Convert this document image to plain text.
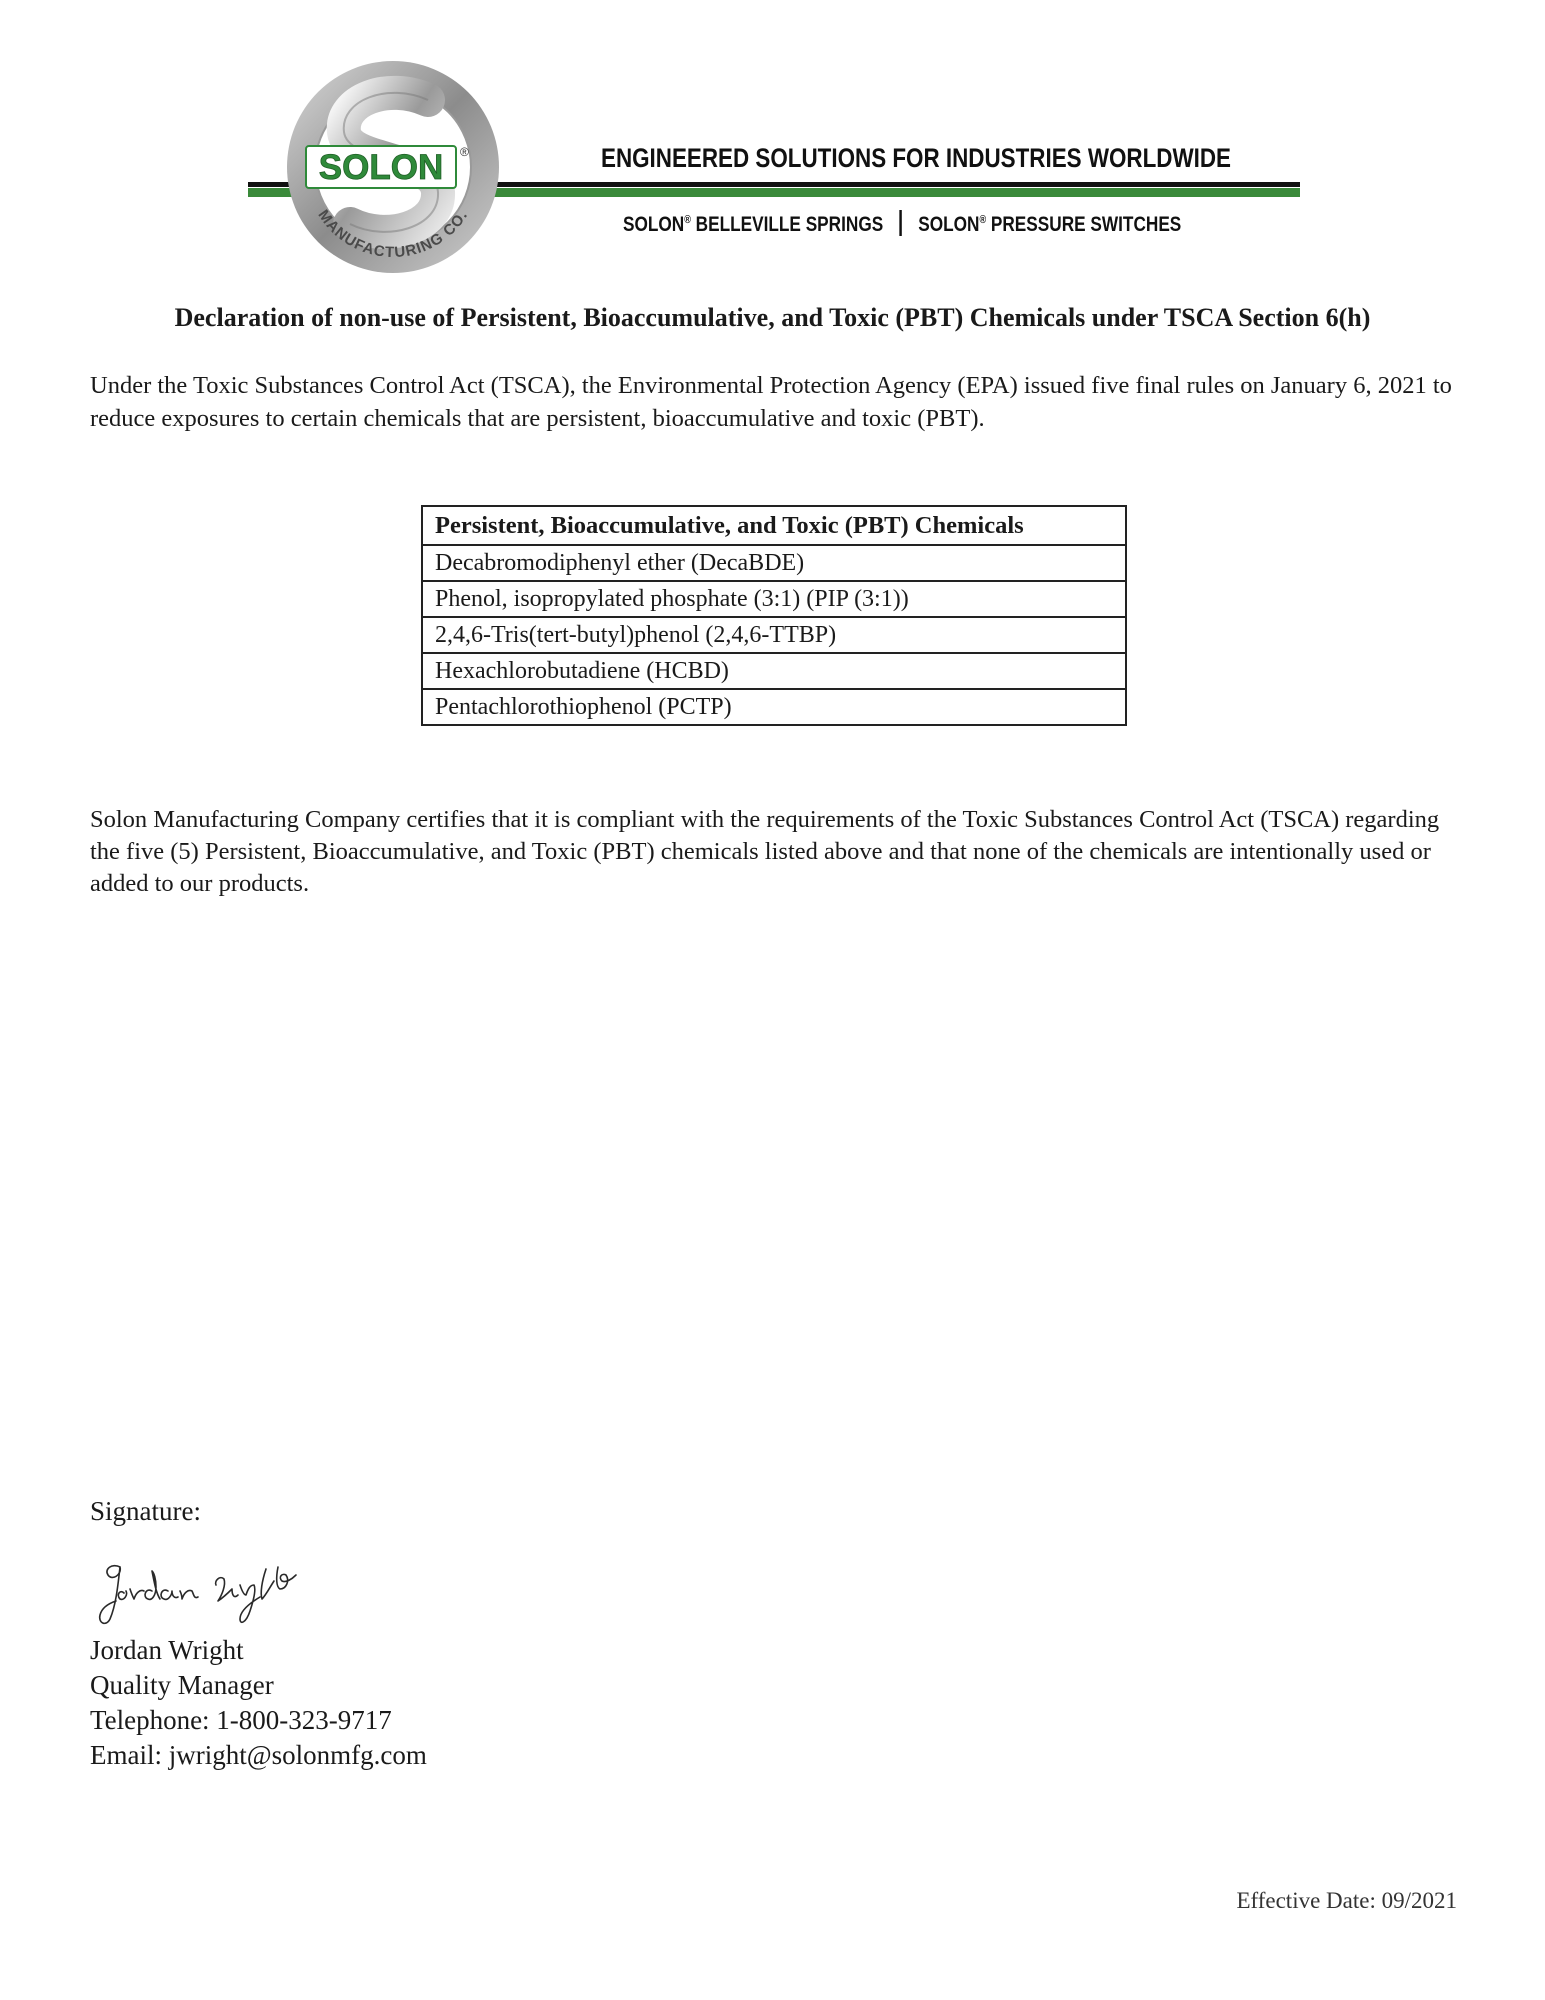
SOLON ®
MANUFACTURING CO.
ENGINEERED SOLUTIONS FOR INDUSTRIES WORLDWIDE
SOLON® BELLEVILLE SPRINGS SOLON® PRESSURE SWITCHES
Declaration of non-use of Persistent, Bioaccumulative, and Toxic (PBT) Chemicals under TSCA Section 6(h)

Under the Toxic Substances Control Act (TSCA), the Environmental Protection Agency (EPA) issued five final rules on January 6, 2021 to reduce exposures to certain chemicals that are persistent, bioaccumulative and toxic (PBT).

Persistent, Bioaccumulative, and Toxic (PBT) Chemicals
Decabromodiphenyl ether (DecaBDE)
Phenol, isopropylated phosphate (3:1) (PIP (3:1))
2,4,6-Tris(tert-butyl)phenol (2,4,6-TTBP)
Hexachlorobutadiene (HCBD)
Pentachlorothiophenol (PCTP)

Solon Manufacturing Company certifies that it is compliant with the requirements of the Toxic Substances Control Act (TSCA) regarding the five (5) Persistent, Bioaccumulative, and Toxic (PBT) chemicals listed above and that none of the chemicals are intentionally used or added to our products.

Signature:
Jordan Wright
Quality Manager
Telephone: 1-800-323-9717
Email: jwright@solonmfg.com
Effective Date: 09/2021
